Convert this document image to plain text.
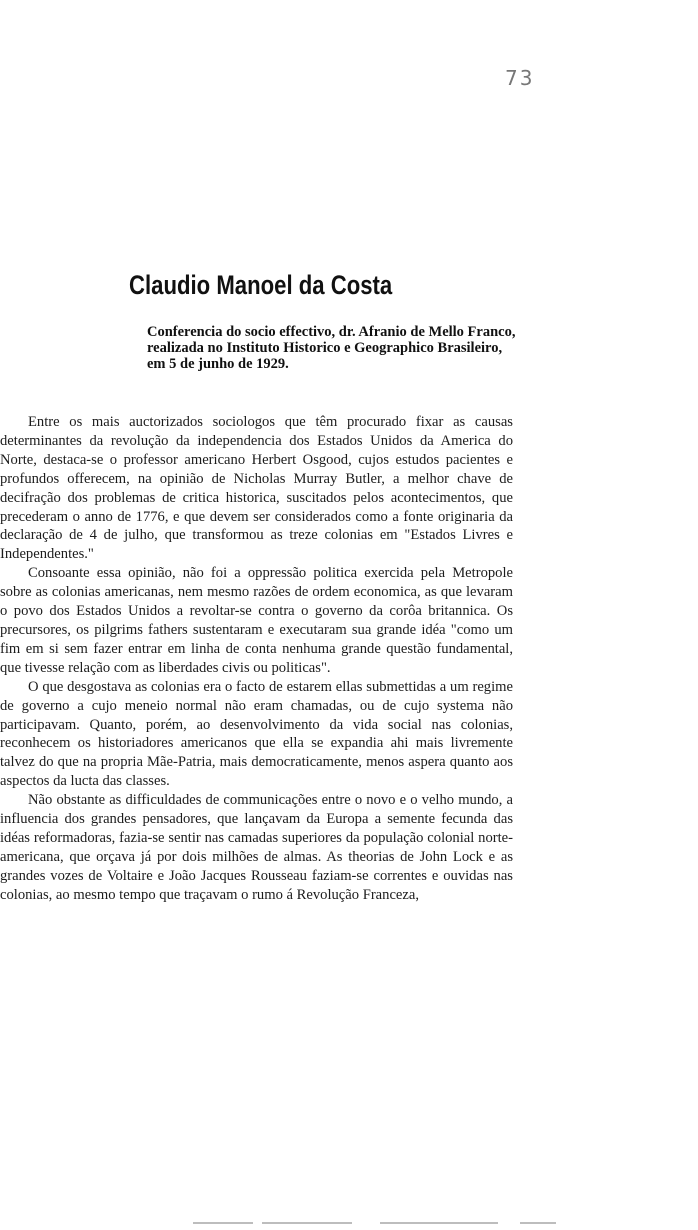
73
Claudio Manoel da Costa

Conferencia do socio effectivo, dr. Afranio de Mello Franco, realizada no Instituto Historico e Geographico Brasileiro, em 5 de junho de 1929.

Entre os mais auctorizados sociologos que têm procurado fixar as causas determinantes da revolução da independencia dos Estados Unidos da America do Norte, destaca-se o professor americano Herbert Osgood, cujos estudos pacientes e profundos offerecem, na opinião de Nicholas Murray Butler, a melhor chave de decifração dos problemas de critica historica, suscitados pelos acontecimentos, que precederam o anno de 1776, e que devem ser considerados como a fonte originaria da declaração de 4 de julho, que transformou as treze colonias em "Estados Livres e Independentes."

Consoante essa opinião, não foi a oppressão politica exercida pela Metropole sobre as colonias americanas, nem mesmo razões de ordem economica, as que levaram o povo dos Estados Unidos a revoltar-se contra o governo da corôa britannica. Os precursores, os pilgrims fathers sustentaram e executaram sua grande idéa "como um fim em si sem fazer entrar em linha de conta nenhuma grande questão fundamental, que tivesse relação com as liberdades civis ou politicas".

O que desgostava as colonias era o facto de estarem ellas submettidas a um regime de governo a cujo meneio normal não eram chamadas, ou de cujo systema não participavam. Quanto, porém, ao desenvolvimento da vida social nas colonias, reconhecem os historiadores americanos que ella se expandia ahi mais livremente talvez do que na propria Mãe-Patria, mais democraticamente, menos aspera quanto aos aspectos da lucta das classes.

Não obstante as difficuldades de communicações entre o novo e o velho mundo, a influencia dos grandes pensadores, que lançavam da Europa a semente fecunda das idéas reformadoras, fazia-se sentir nas camadas superiores da população colonial norte-americana, que orçava já por dois milhões de almas. As theorias de John Lock e as grandes vozes de Voltaire e João Jacques Rousseau faziam-se correntes e ouvidas nas colonias, ao mesmo tempo que traçavam o rumo á Revolução Franceza,
